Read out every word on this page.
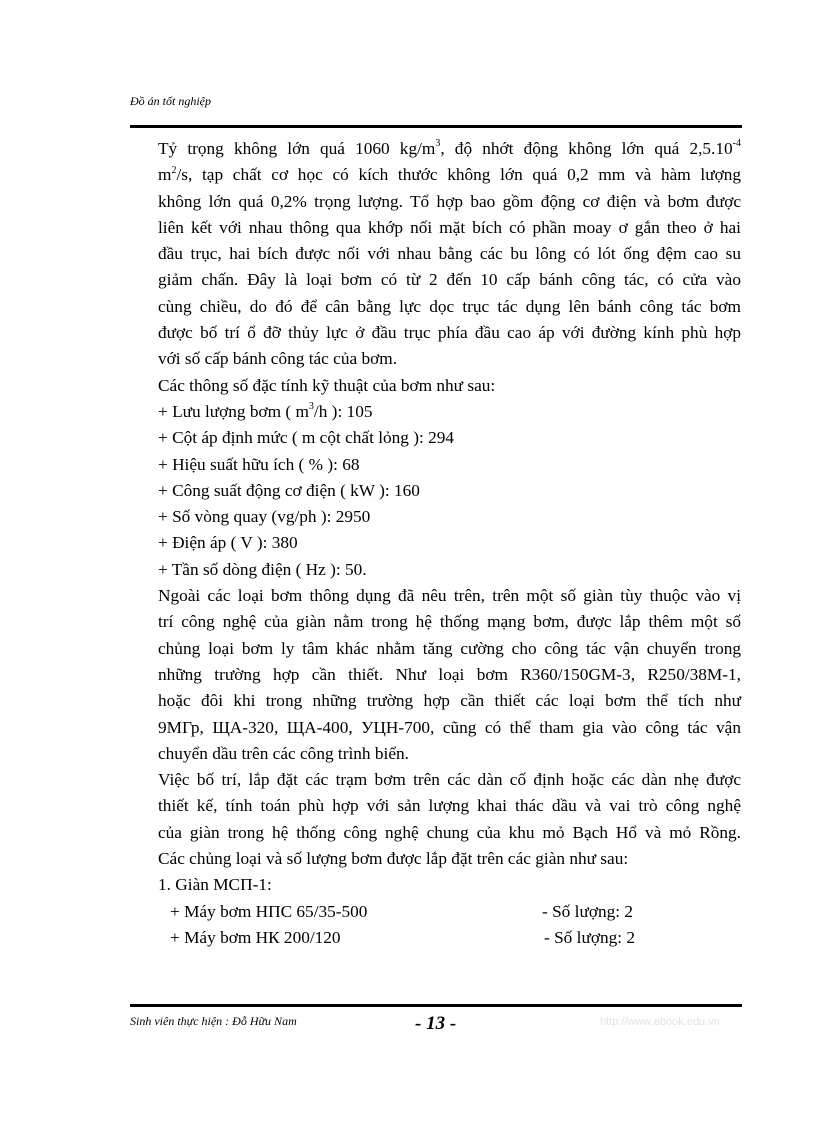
Đồ án tốt nghiệp

Tỷ trọng không lớn quá 1060 $kg/m^3$, độ nhớt động không lớn quá $2,5.10^{-4}$

$m^2/s$, tạp chất cơ học có kích thước không lớn quá 0,2 mm và hàm lượng

không lớn quá 0,2% trọng lượng. Tổ hợp bao gồm động cơ điện và bơm được

liên kết với nhau thông qua khớp nối mặt bích có phần moay ơ gắn theo ở hai

đầu trục, hai bích được nối với nhau bằng các bu lông có lót ống đệm cao su

giảm chấn. Đây là loại bơm có từ 2 đến 10 cấp bánh công tác, có cửa vào

cùng chiều, do đó để cân bằng lực dọc trục tác dụng lên bánh công tác bơm

được bố trí ổ đỡ thủy lực ở đầu trục phía đầu cao áp với đường kính phù hợp

với số cấp bánh công tác của bơm.

Các thông số đặc tính kỹ thuật của bơm như sau:

+ Lưu lượng bơm ( $m^3/h$ ): 105

+ Cột áp định mức ( m cột chất lỏng ): 294

+ Hiệu suất hữu ích ( % ): 68

+ Công suất động cơ điện ( kW ): 160

+ Số vòng quay (vg/ph ): 2950

+ Điện áp ( V ): 380

+ Tần số dòng điện ( Hz ): 50.

Ngoài các loại bơm thông dụng đã nêu trên, trên một số giàn tùy thuộc vào vị

trí công nghệ của giàn nằm trong hệ thống mạng bơm, được lắp thêm một số

chủng loại bơm ly tâm khác nhằm tăng cường cho công tác vận chuyển trong

những trường hợp cần thiết. Như loại bơm R360/150GM-3, R250/38M-1,

hoặc đôi khi trong những trường hợp cần thiết các loại bơm thể tích như

9МГр, ЩА-320, ЩА-400, УЦН-700, cũng có thể tham gia vào công tác vận

chuyển dầu trên các công trình biển.

Việc bố trí, lắp đặt các trạm bơm trên các dàn cố định hoặc các dàn nhẹ được

thiết kế, tính toán phù hợp với sản lượng khai thác dầu và vai trò công nghệ

của giàn trong hệ thống công nghệ chung của khu mỏ Bạch Hổ và mỏ Rồng.

Các chủng loại và số lượng bơm được lắp đặt trên các giàn như sau:

1. Giàn МСП-1:

+ Máy bơm НПС 65/35-500	- Số lượng: 2
+ Máy bơm НК 200/120	- Số lượng: 2
Sinh viên thực hiện : Đỗ Hữu Nam	- 13 -	http://www.ebook.edu.vn
